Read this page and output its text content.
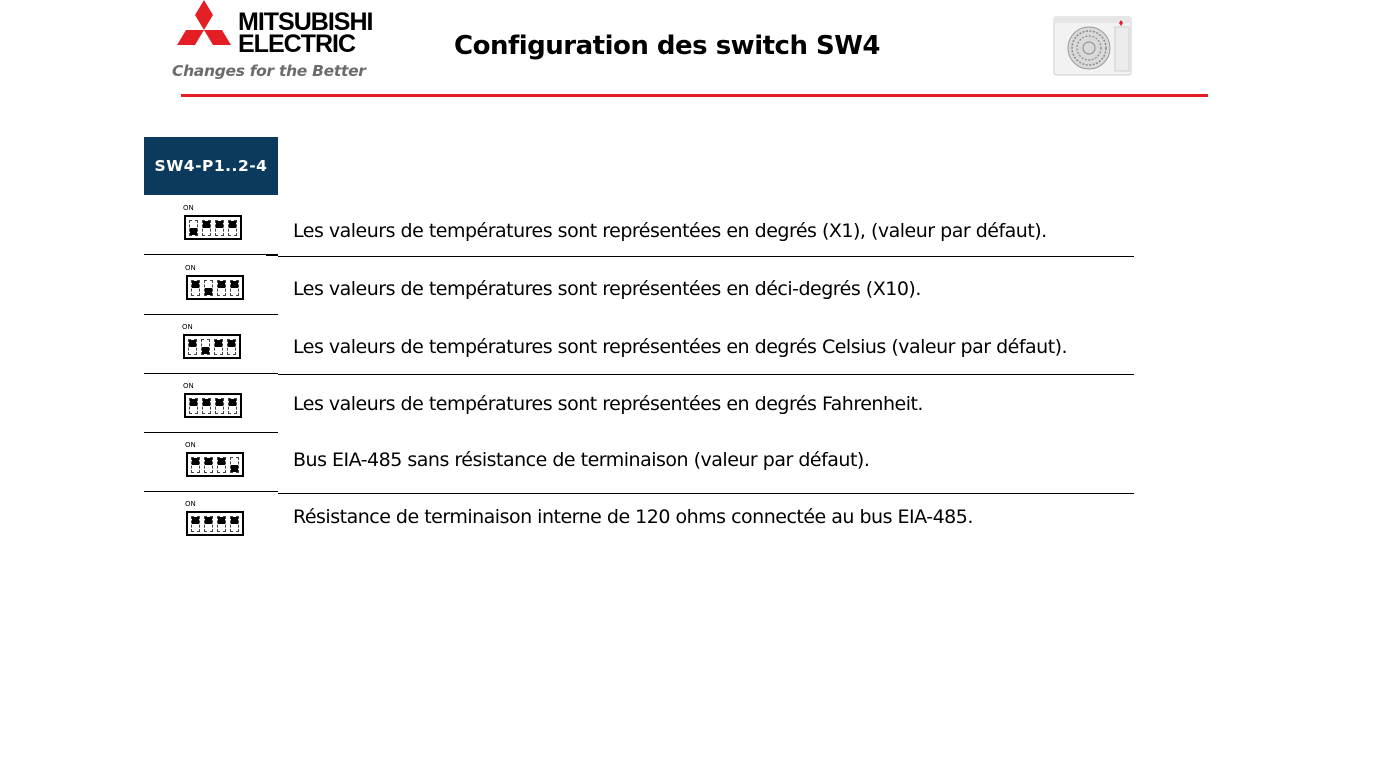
MITSUBISHI
ELECTRIC
Changes for the Better
Configuration des switch SW4
SW4-P1..2-4
ON
Les valeurs de températures sont représentées en degrés (X1), (valeur par défaut).
ON
Les valeurs de températures sont représentées en déci-degrés (X10).
ON
Les valeurs de températures sont représentées en degrés Celsius (valeur par défaut).
ON
Les valeurs de températures sont représentées en degrés Fahrenheit.
ON
Bus EIA-485 sans résistance de terminaison (valeur par défaut).
ON
Résistance de terminaison interne de 120 ohms connectée au bus EIA-485.
